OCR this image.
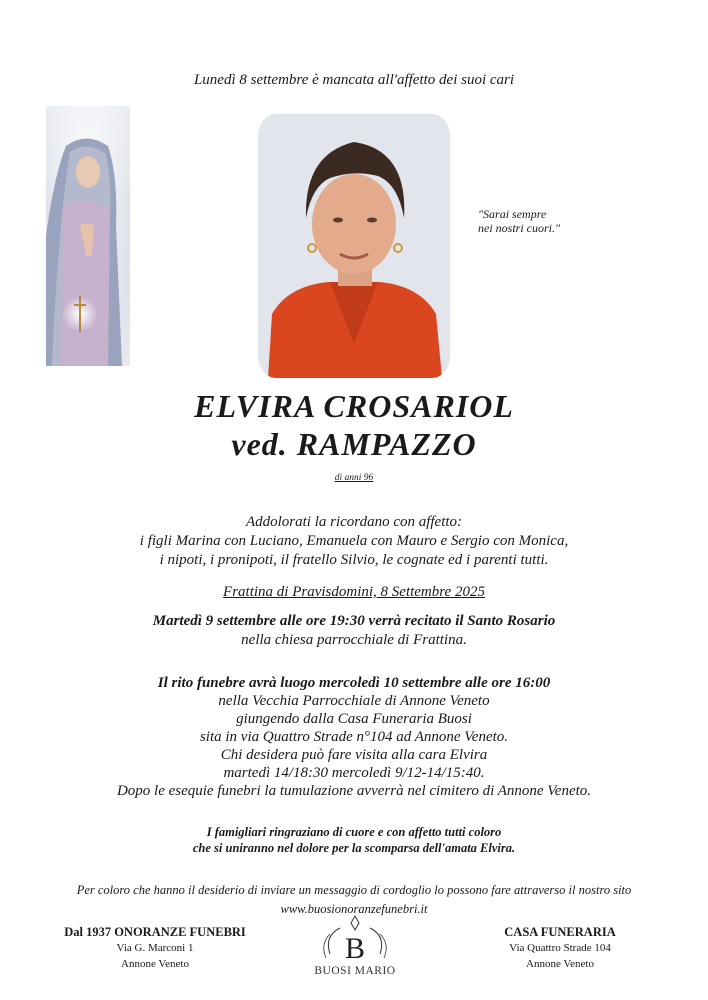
Lunedì 8 settembre è mancata all'affetto dei suoi cari
"Sarai sempre
nei nostri cuori."
ELVIRA CROSARIOL
ved. RAMPAZZO
di anni 96
Addolorati la ricordano con affetto:
i figli Marina con Luciano, Emanuela con Mauro e Sergio con Monica,
i nipoti, i pronipoti, il fratello Silvio, le cognate ed i parenti tutti.
Frattina di Pravisdomini, 8 Settembre 2025
Martedì 9 settembre alle ore 19:30 verrà recitato il Santo Rosario
nella chiesa parrocchiale di Frattina.
Il rito funebre avrà luogo mercoledì 10 settembre alle ore 16:00
nella Vecchia Parrocchiale di Annone Veneto
giungendo dalla Casa Funeraria Buosi
sita in via Quattro Strade n°104 ad Annone Veneto.
Chi desidera può fare visita alla cara Elvira
martedì 14/18:30 mercoledì 9/12-14/15:40.
Dopo le esequie funebri la tumulazione avverrà nel cimitero di Annone Veneto.
I famigliari ringraziano di cuore e con affetto tutti coloro
che si uniranno nel dolore per la scomparsa dell'amata Elvira.
Per coloro che hanno il desiderio di inviare un messaggio di cordoglio lo possono fare attraverso il nostro sito
www.buosionoranzefunebri.it
Dal 1937 ONORANZE FUNEBRI
Via G. Marconi 1
Annone Veneto	B
BUOSI MARIO
CASA FUNERARIA
Via Quattro Strade 104
Annone Veneto
